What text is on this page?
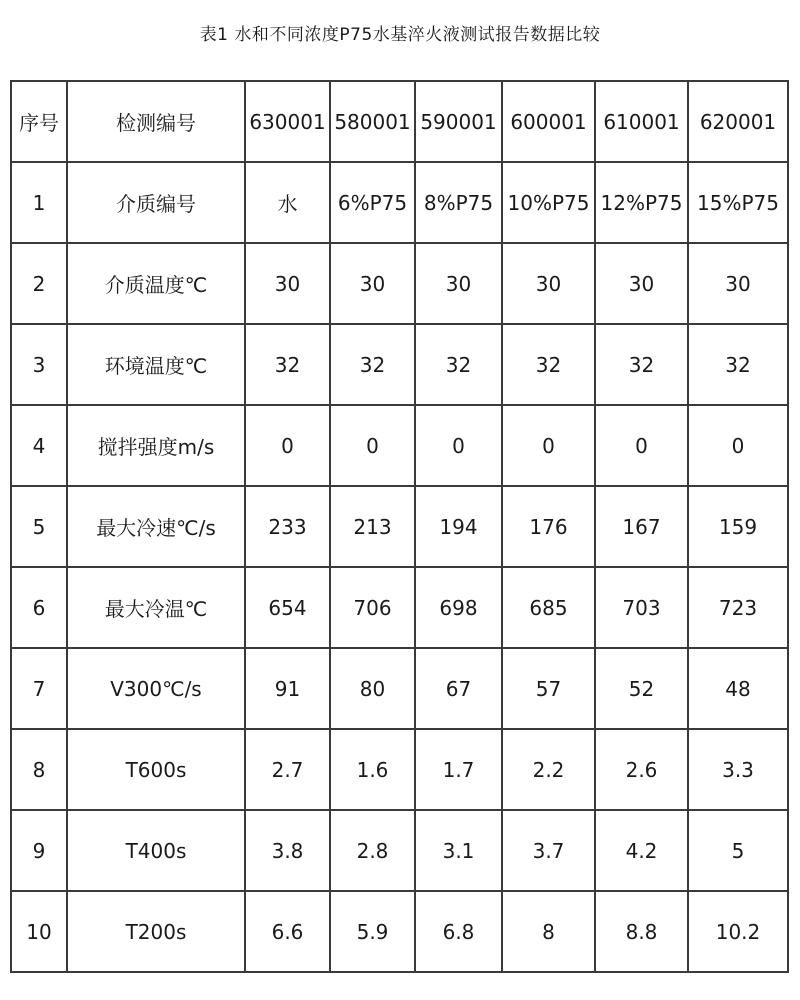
表1 水和不同浓度P75水基淬火液测试报告数据比较
序号	检测编号	630001	580001	590001	600001	610001	620001
1	介质编号	水	6%P75	8%P75	10%P75	12%P75	15%P75
2	介质温度℃	30	30	30	30	30	30
3	环境温度℃	32	32	32	32	32	32
4	搅拌强度m/s	0	0	0	0	0	0
5	最大冷速℃/s	233	213	194	176	167	159
6	最大冷温℃	654	706	698	685	703	723
7	V300℃/s	91	80	67	57	52	48
8	T600s	2.7	1.6	1.7	2.2	2.6	3.3
9	T400s	3.8	2.8	3.1	3.7	4.2	5
10	T200s	6.6	5.9	6.8	8	8.8	10.2
